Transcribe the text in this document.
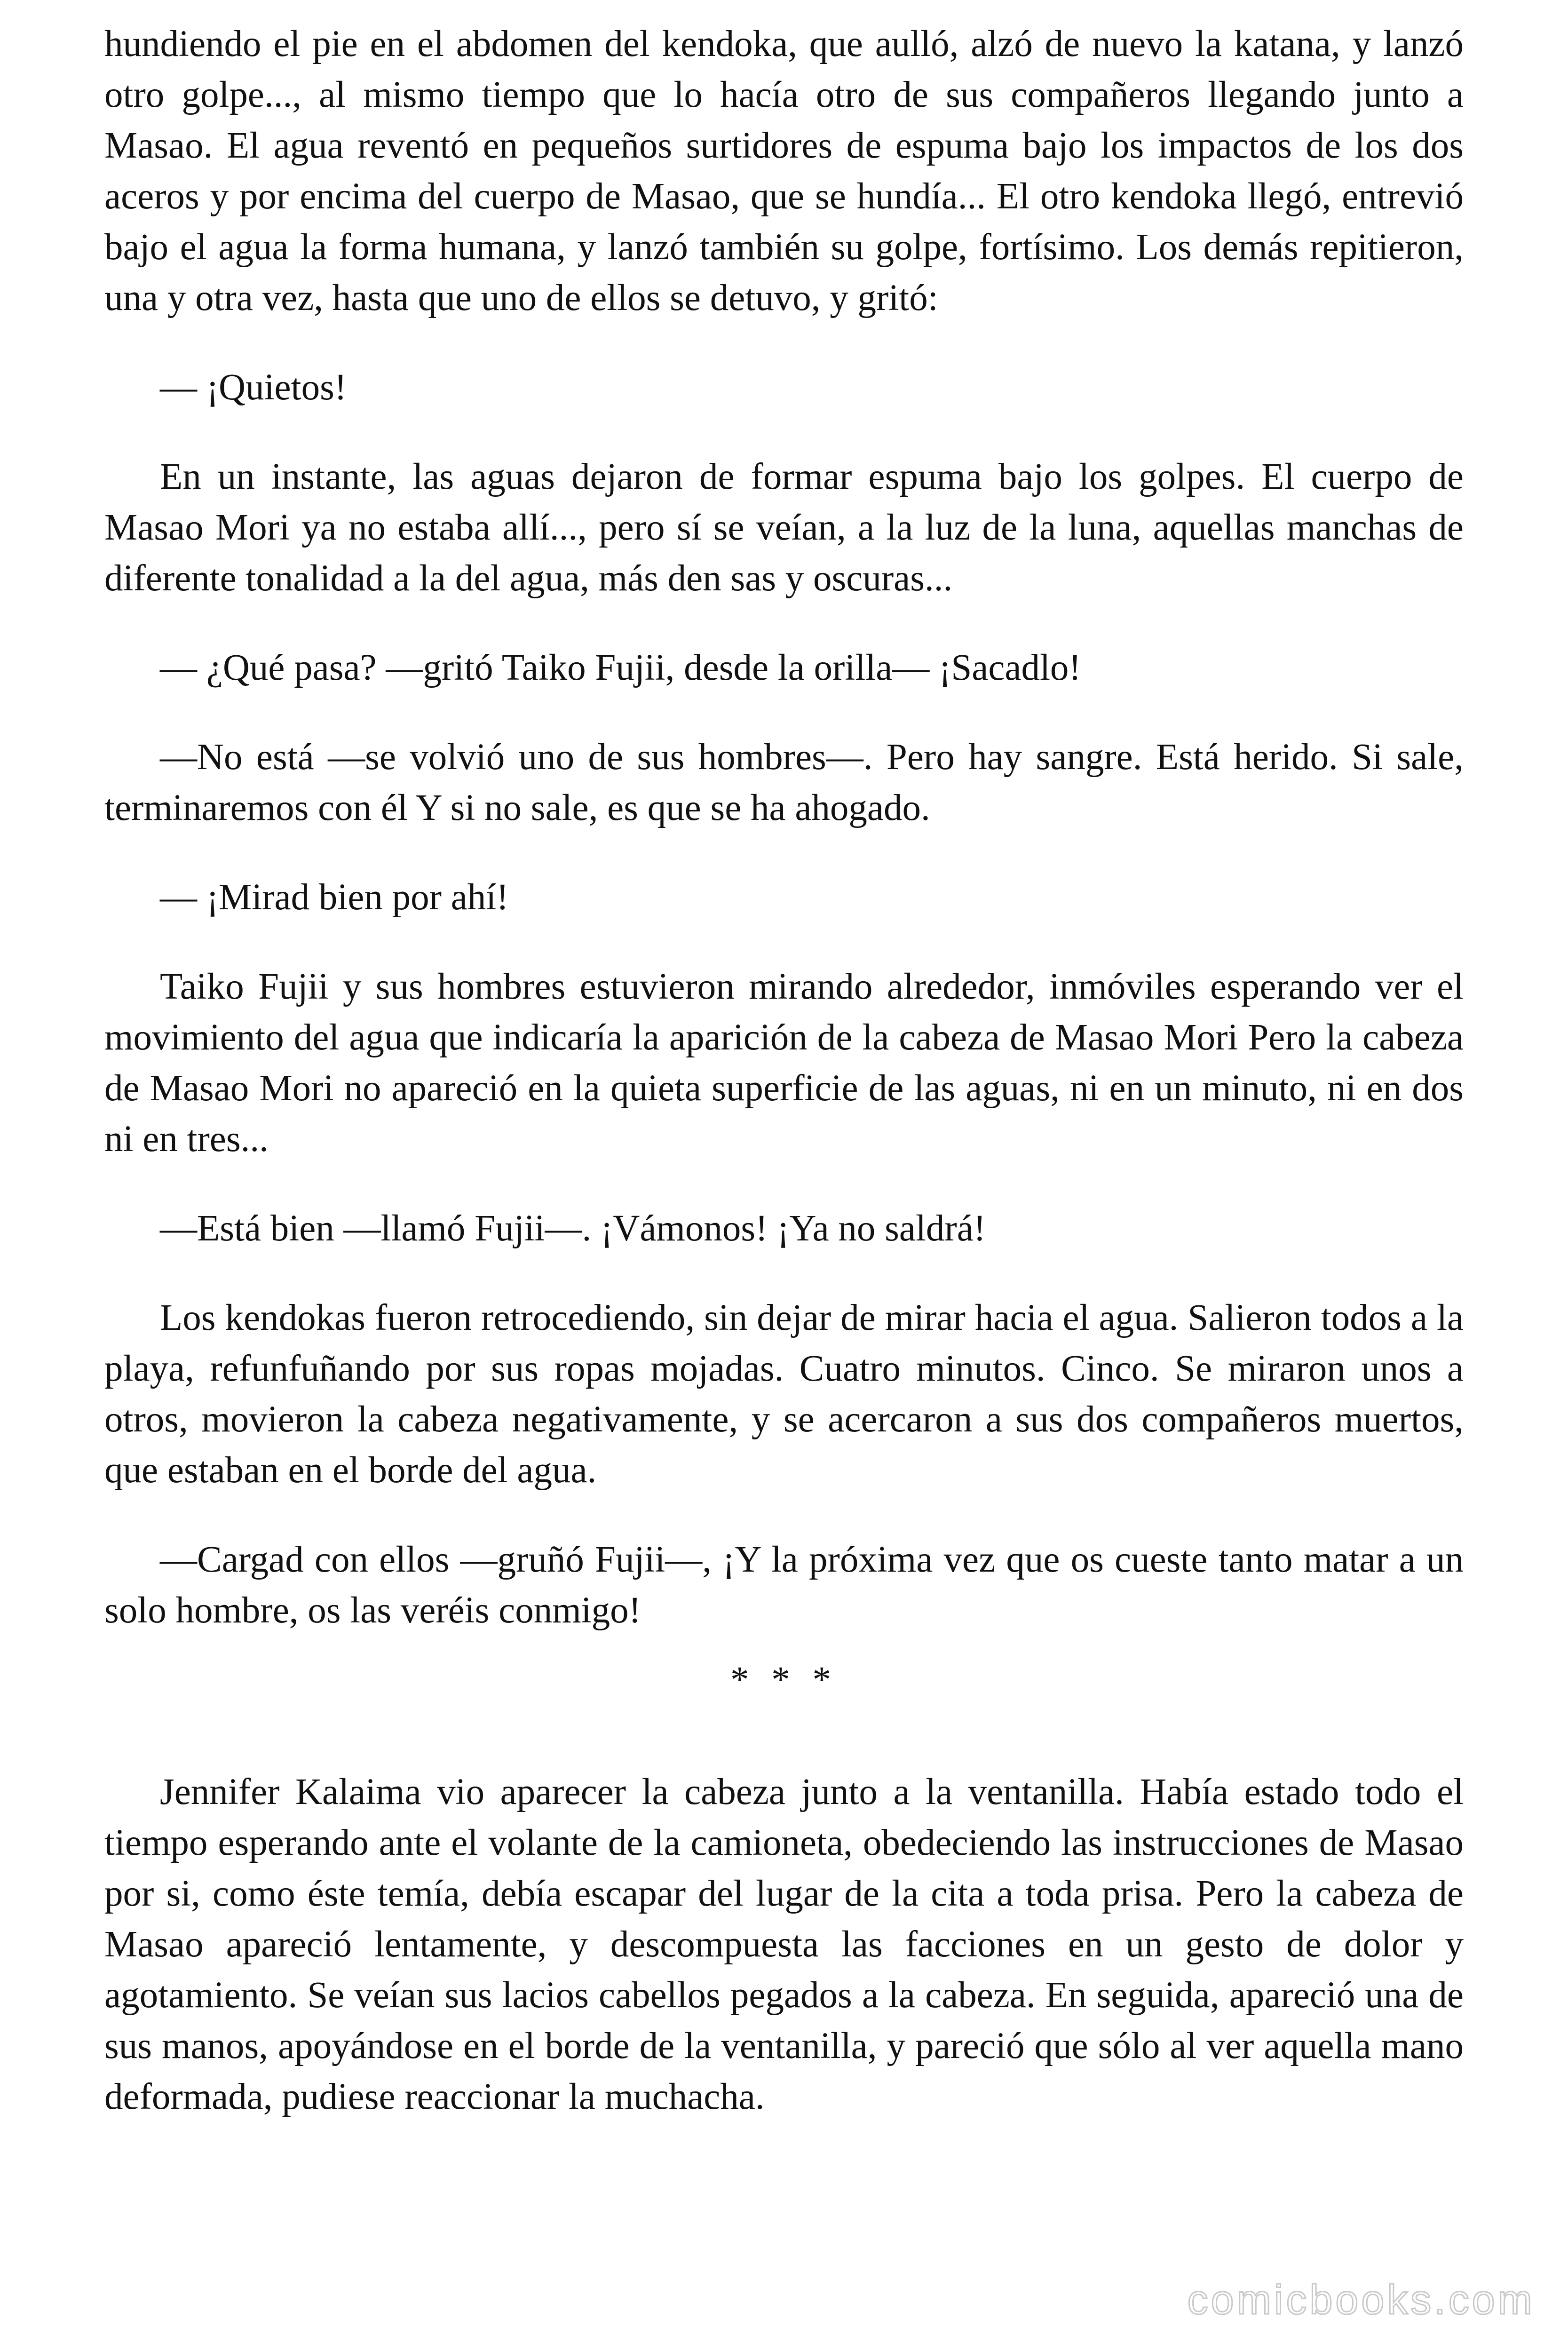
hundiendo el pie en el abdomen del kendoka, que aulló, alzó de nuevo la katana, y lanzó otro golpe..., al mismo tiempo que lo hacía otro de sus compañeros llegando junto a Masao. El agua reventó en pequeños surtidores de espuma bajo los impactos de los dos aceros y por encima del cuerpo de Masao, que se hundía... El otro kendoka llegó, entrevió bajo el agua la forma humana, y lanzó también su golpe, fortísimo. Los demás repitieron, una y otra vez, hasta que uno de ellos se detuvo, y gritó:

— ¡Quietos!

En un instante, las aguas dejaron de formar espuma bajo los golpes. El cuerpo de Masao Mori ya no estaba allí..., pero sí se veían, a la luz de la luna, aquellas manchas de diferente tonalidad a la del agua, más den sas y oscuras...

— ¿Qué pasa? —gritó Taiko Fujii, desde la orilla— ¡Sacadlo!

—No está —se volvió uno de sus hombres—. Pero hay sangre. Está herido. Si sale, terminaremos con él Y si no sale, es que se ha ahogado.

— ¡Mirad bien por ahí!

Taiko Fujii y sus hombres estuvieron mirando alrededor, inmóviles esperando ver el movimiento del agua que indicaría la aparición de la cabeza de Masao Mori Pero la cabeza de Masao Mori no apareció en la quieta superficie de las aguas, ni en un minuto, ni en dos ni en tres...

—Está bien —llamó Fujii—. ¡Vámonos! ¡Ya no saldrá!

Los kendokas fueron retrocediendo, sin dejar de mirar hacia el agua. Salieron todos a la playa, refunfuñando por sus ropas mojadas. Cuatro minutos. Cinco. Se miraron unos a otros, movieron la cabeza negativamente, y se acercaron a sus dos compañeros muertos, que estaban en el borde del agua.

—Cargad con ellos —gruñó Fujii—, ¡Y la próxima vez que os cueste tanto matar a un solo hombre, os las veréis conmigo!

* * *

Jennifer Kalaima vio aparecer la cabeza junto a la ventanilla. Había estado todo el tiempo esperando ante el volante de la camioneta, obedeciendo las instrucciones de Masao por si, como éste temía, debía escapar del lugar de la cita a toda prisa. Pero la cabeza de Masao apareció lentamente, y descompuesta las facciones en un gesto de dolor y agotamiento. Se veían sus lacios cabellos pegados a la cabeza. En seguida, apareció una de sus manos, apoyándose en el borde de la ventanilla, y pareció que sólo al ver aquella mano deformada, pudiese reaccionar la muchacha.

comicbooks.com
